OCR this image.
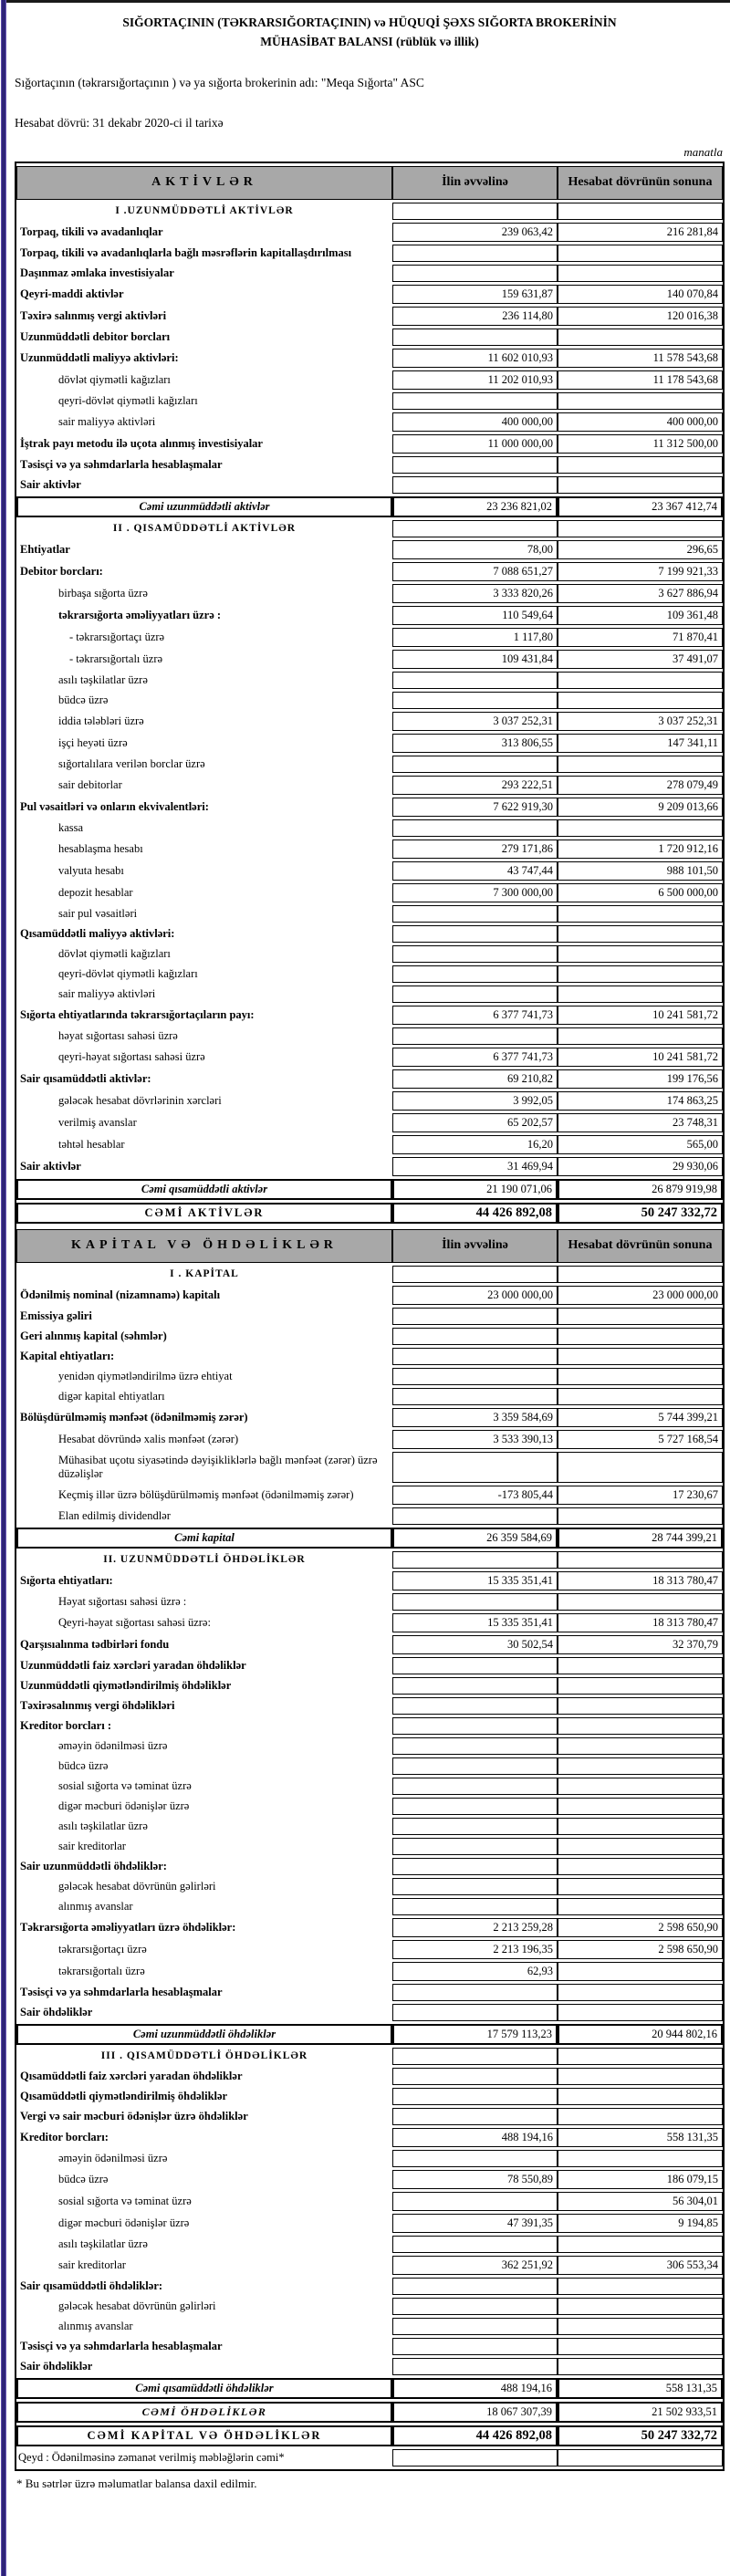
SIĞORTAÇININ (TƏKRARSIĞORTAÇININ) və HÜQUQİ ŞƏXS SIĞORTA BROKERİNİN
MÜHASİBAT BALANSI (rüblük və illik)
Sığortaçının (təkrarsığortaçının ) və ya sığorta brokerinin adı: "Meqa Sığorta" ASC
Hesabat dövrü: 31 dekabr 2020-ci il tarixə
manatla
AKTİVLƏR	İlin əvvəlinə	Hesabat dövrünün sonuna
I .UZUNMÜDDƏTLİ AKTİVLƏR		
Torpaq, tikili və avadanlıqlar	239 063,42	216 281,84
Torpaq, tikili və avadanlıqlarla bağlı məsrəflərin kapitallaşdırılması		
Daşınmaz əmlaka investisiyalar		
Qeyri-maddi aktivlər	159 631,87	140 070,84
Təxirə salınmış vergi aktivləri	236 114,80	120 016,38
Uzunmüddətli debitor borcları		
Uzunmüddətli maliyyə aktivləri:	11 602 010,93	11 578 543,68
dövlət qiymətli kağızları	11 202 010,93	11 178 543,68
qeyri-dövlət qiymətli kağızları		
sair maliyyə aktivləri	400 000,00	400 000,00
İştrak payı metodu ilə uçota alınmış investisiyalar	11 000 000,00	11 312 500,00
Təsisçi və ya səhmdarlarla hesablaşmalar		
Sair aktivlər		
Cəmi uzunmüddətli aktivlər	23 236 821,02	23 367 412,74
II . QISAMÜDDƏTLİ AKTİVLƏR		
Ehtiyatlar	78,00	296,65
Debitor borcları:	7 088 651,27	7 199 921,33
birbaşa sığorta üzrə	3 333 820,26	3 627 886,94
təkrarsığorta əməliyyatları üzrə :	110 549,64	109 361,48
- təkrarsığortaçı üzrə	1 117,80	71 870,41
- təkrarsığortalı üzrə	109 431,84	37 491,07
asılı təşkilatlar üzrə		
büdcə üzrə		
iddia tələbləri üzrə	3 037 252,31	3 037 252,31
işçi heyəti üzrə	313 806,55	147 341,11
sığortalılara verilən borclar üzrə		
sair debitorlar	293 222,51	278 079,49
Pul vəsaitləri və onların ekvivalentləri:	7 622 919,30	9 209 013,66
kassa		
hesablaşma hesabı	279 171,86	1 720 912,16
valyuta hesabı	43 747,44	988 101,50
depozit hesablar	7 300 000,00	6 500 000,00
sair pul vəsaitləri		
Qısamüddətli maliyyə aktivləri:		
dövlət qiymətli kağızları		
qeyri-dövlət qiymətli kağızları		
sair maliyyə aktivləri		
Sığorta ehtiyatlarında təkrarsığortaçıların payı:	6 377 741,73	10 241 581,72
həyat sığortası sahəsi üzrə		
qeyri-həyat sığortası sahəsi üzrə	6 377 741,73	10 241 581,72
Sair qısamüddətli aktivlər:	69 210,82	199 176,56
gələcək hesabat dövrlərinin xərcləri	3 992,05	174 863,25
verilmiş avanslar	65 202,57	23 748,31
təhtəl hesablar	16,20	565,00
Sair aktivlər	31 469,94	29 930,06
Cəmi qısamüddətli aktivlər	21 190 071,06	26 879 919,98
CƏMİ AKTİVLƏR	44 426 892,08	50 247 332,72
KAPİTAL VƏ ÖHDƏLİKLƏR	İlin əvvəlinə	Hesabat dövrünün sonuna
I . KAPİTAL		
Ödənilmiş nominal (nizamnamə) kapitalı	23 000 000,00	23 000 000,00
Emissiya gəliri		
Geri alınmış kapital (səhmlər)		
Kapital ehtiyatları:		
yenidən qiymətləndirilmə üzrə ehtiyat		
digər kapital ehtiyatları		
Bölüşdürülməmiş mənfəət (ödənilməmiş zərər)	3 359 584,69	5 744 399,21
Hesabat dövründə xalis mənfəət (zərər)	3 533 390,13	5 727 168,54
Mühasibat uçotu siyasətində dəyişikliklərlə bağlı mənfəət (zərər) üzrə düzəlişlər		
Keçmiş illər üzrə bölüşdürülməmiş mənfəət (ödənilməmiş zərər)	-173 805,44	17 230,67
Elan edilmiş dividendlər		
Cəmi kapital	26 359 584,69	28 744 399,21
II. UZUNMÜDDƏTLİ ÖHDƏLİKLƏR		
Sığorta ehtiyatları:	15 335 351,41	18 313 780,47
Həyat sığortası sahəsi üzrə :		
Qeyri-həyat sığortası sahəsi üzrə:	15 335 351,41	18 313 780,47
Qarşısıalınma tədbirləri fondu	30 502,54	32 370,79
Uzunmüddətli faiz xərcləri yaradan öhdəliklər		
Uzunmüddətli qiymətləndirilmiş öhdəliklər		
Təxirəsalınmış vergi öhdəlikləri		
Kreditor borcları :		
əməyin ödənilməsi üzrə		
büdcə üzrə		
sosial sığorta və təminat üzrə		
digər məcburi ödənişlər üzrə		
asılı təşkilatlar üzrə		
sair kreditorlar		
Sair uzunmüddətli öhdəliklər:		
gələcək hesabat dövrünün gəlirləri		
alınmış avanslar		
Təkrarsığorta əməliyyatları üzrə öhdəliklər:	2 213 259,28	2 598 650,90
təkrarsığortaçı üzrə	2 213 196,35	2 598 650,90
təkrarsığortalı üzrə	62,93	
Təsisçi və ya səhmdarlarla hesablaşmalar		
Sair öhdəliklər		
Cəmi uzunmüddətli öhdəliklər	17 579 113,23	20 944 802,16
III . QISAMÜDDƏTLİ ÖHDƏLİKLƏR		
Qısamüddətli faiz xərcləri yaradan öhdəliklər		
Qısamüddətli qiymətləndirilmiş öhdəliklər		
Vergi və sair məcburi ödənişlər üzrə öhdəliklər		
Kreditor borcları:	488 194,16	558 131,35
əməyin ödənilməsi üzrə		
büdcə üzrə	78 550,89	186 079,15
sosial sığorta və təminat üzrə		56 304,01
digər məcburi ödənişlər üzrə	47 391,35	9 194,85
asılı təşkilatlar üzrə		
sair kreditorlar	362 251,92	306 553,34
Sair qısamüddətli öhdəliklər:		
gələcək hesabat dövrünün gəlirləri		
alınmış avanslar		
Təsisçi və ya səhmdarlarla hesablaşmalar		
Sair öhdəliklər		
Cəmi qısamüddətli öhdəliklər	488 194,16	558 131,35
CƏMİ ÖHDƏLİKLƏR	18 067 307,39	21 502 933,51
CƏMİ KAPİTAL VƏ ÖHDƏLİKLƏR	44 426 892,08	50 247 332,72
Qeyd : Ödənilməsinə zəmanət verilmiş məbləğlərin cəmi*		
* Bu sətrlər üzrə məlumatlar balansa daxil edilmir.
